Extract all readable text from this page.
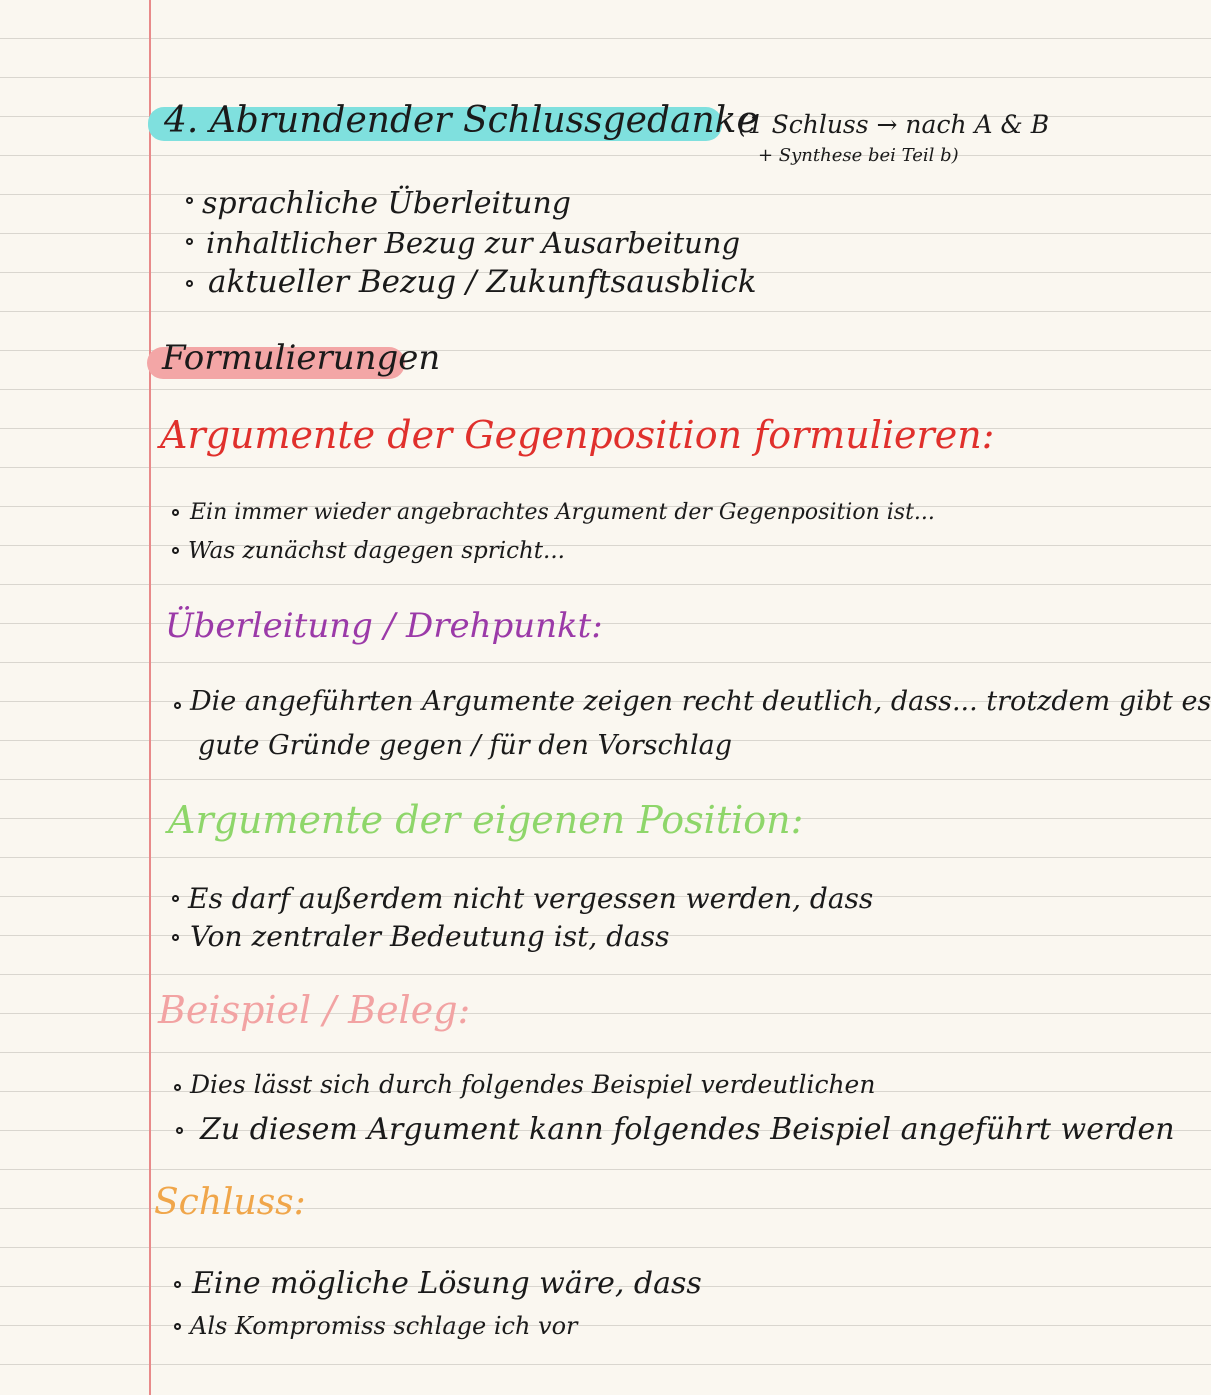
4. Abrundender Schlussgedanke
(1 Schluss → nach A & B
+ Synthese bei Teil b)
sprachliche Überleitung
inhaltlicher Bezug zur Ausarbeitung
aktueller Bezug / Zukunftsausblick
Formulierungen
Argumente der Gegenposition formulieren:
Ein immer wieder angebrachtes Argument der Gegenposition ist...
Was zunächst dagegen spricht...
Überleitung / Drehpunkt:
Die angeführten Argumente zeigen recht deutlich, dass... trotzdem gibt es
gute Gründe gegen / für den Vorschlag
Argumente der eigenen Position:
Es darf außerdem nicht vergessen werden, dass
Von zentraler Bedeutung ist, dass
Beispiel / Beleg:
Dies lässt sich durch folgendes Beispiel verdeutlichen
Zu diesem Argument kann folgendes Beispiel angeführt werden
Schluss:
Eine mögliche Lösung wäre, dass
Als Kompromiss schlage ich vor
